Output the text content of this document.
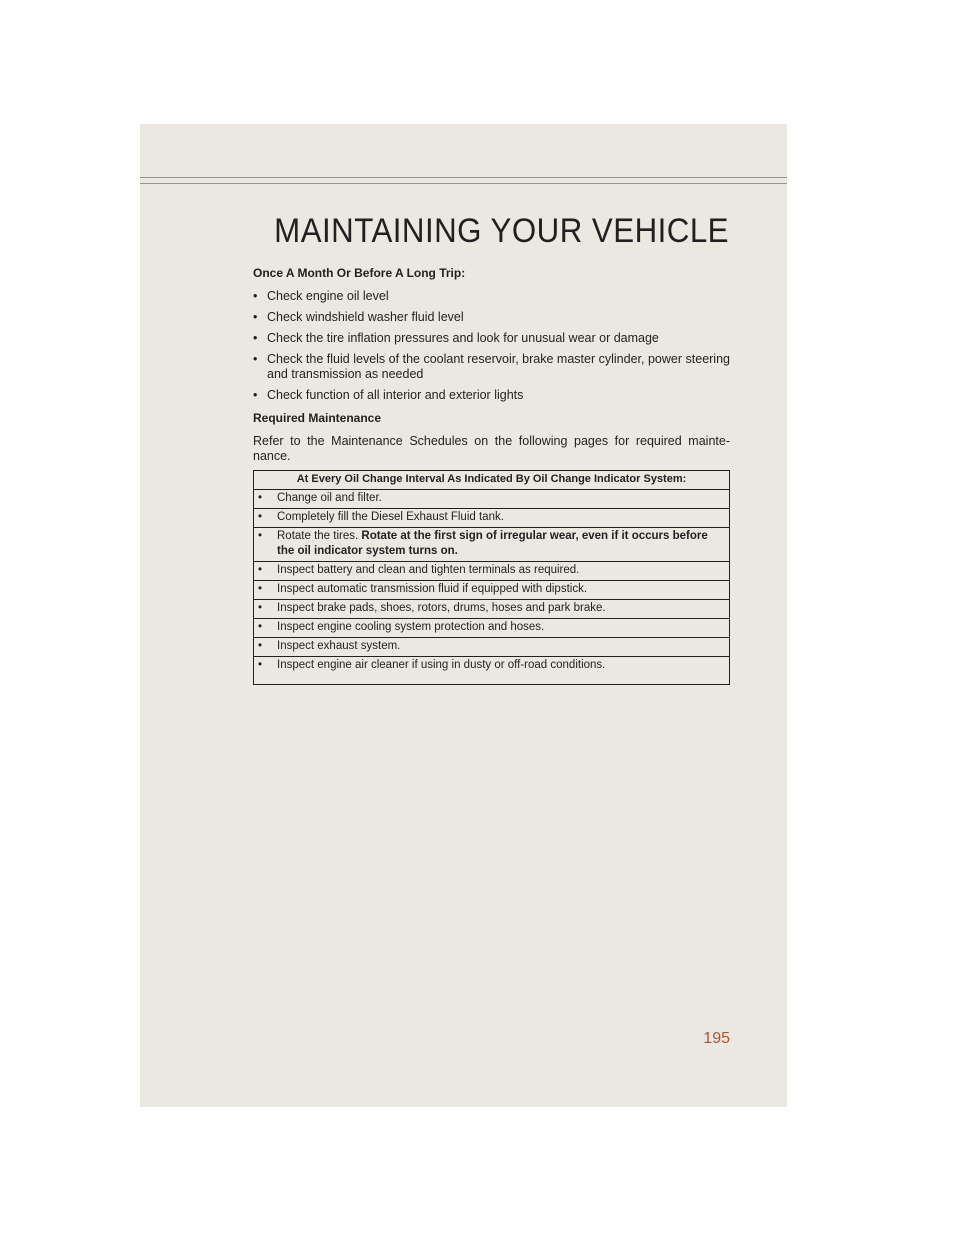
MAINTAINING YOUR VEHICLE

Once A Month Or Before A Long Trip:

• Check engine oil level
• Check windshield washer fluid level
• Check the tire inflation pressures and look for unusual wear or damage
• Check the fluid levels of the coolant reservoir, brake master cylinder, power steering and transmission as needed
• Check function of all interior and exterior lights

Required Maintenance

Refer to the Maintenance Schedules on the following pages for required mainte-nance.

At Every Oil Change Interval As Indicated By Oil Change Indicator System:

• Change oil and filter.

• Completely fill the Diesel Exhaust Fluid tank.

• Rotate the tires. Rotate at the first sign of irregular wear, even if it occurs before the oil indicator system turns on.

• Inspect battery and clean and tighten terminals as required.

• Inspect automatic transmission fluid if equipped with dipstick.

• Inspect brake pads, shoes, rotors, drums, hoses and park brake.

• Inspect engine cooling system protection and hoses.

• Inspect exhaust system.

• Inspect engine air cleaner if using in dusty or off-road conditions.
195
